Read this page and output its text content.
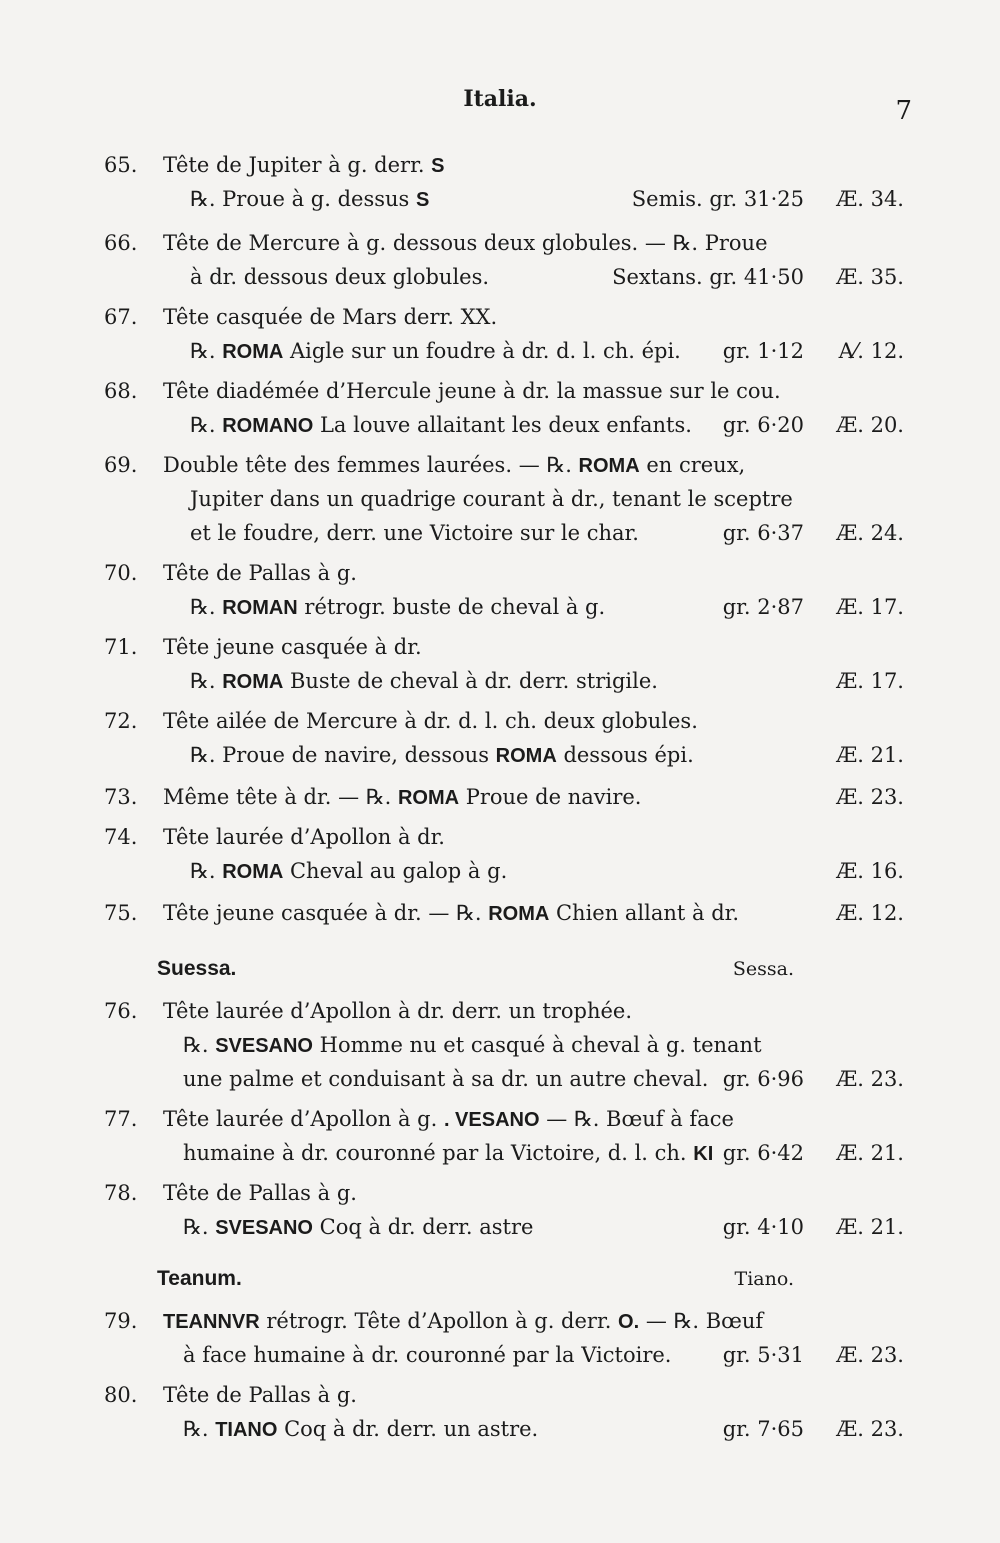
Italia.	7
65. Tête de Jupiter à g. derr. S
℞. Proue à g. dessus S	Semis. gr. 31·25 Æ. 34.
66. Tête de Mercure à g. dessous deux globules. — ℞. Proue
à dr. dessous deux globules.	Sextans. gr. 41·50 Æ. 35.
67. Tête casquée de Mars derr. XX.
℞. ROMA Aigle sur un foudre à dr. d. l. ch. épi. gr. 1·12 A⁄. 12.
68. Tête diadémée d’Hercule jeune à dr. la massue sur le cou.
℞. ROMANO La louve allaitant les deux enfants. gr. 6·20 Æ. 20.
69. Double tête des femmes laurées. — ℞. ROMA en creux,
Jupiter dans un quadrige courant à dr., tenant le sceptre
et le foudre, derr. une Victoire sur le char.	gr. 6·37 Æ. 24.
70. Tête de Pallas à g.
℞. ROMAN rétrogr. buste de cheval à g.	gr. 2·87 Æ. 17.
71. Tête jeune casquée à dr.
℞. ROMA Buste de cheval à dr. derr. strigile.	Æ. 17.
72. Tête ailée de Mercure à dr. d. l. ch. deux globules.
℞. Proue de navire, dessous ROMA dessous épi.	Æ. 21.
73. Même tête à dr. — ℞. ROMA Proue de navire.	Æ. 23.
74. Tête laurée d’Apollon à dr.
℞. ROMA Cheval au galop à g.	Æ. 16.
75. Tête jeune casquée à dr. — ℞. ROMA Chien allant à dr.	Æ. 12.
76. Tête laurée d’Apollon à dr. derr. un trophée.
℞. SVESANO Homme nu et casqué à cheval à g. tenant
une palme et conduisant à sa dr. un autre cheval. gr. 6·96 Æ. 23.
77. Tête laurée d’Apollon à g. . VESANO — ℞. Bœuf à face
humaine à dr. couronné par la Victoire, d. l. ch. KI gr. 6·42 Æ. 21.
78. Tête de Pallas à g.
℞. SVESANO Coq à dr. derr. astre	gr. 4·10 Æ. 21.
79. TEANNVR rétrogr. Tête d’Apollon à g. derr. O. — ℞. Bœuf
à face humaine à dr. couronné par la Victoire. gr. 5·31 Æ. 23.
80. Tête de Pallas à g.
℞. TIANO Coq à dr. derr. un astre.	gr. 7·65 Æ. 23.
Suessa.	Sessa.
Teanum.	Tiano.
